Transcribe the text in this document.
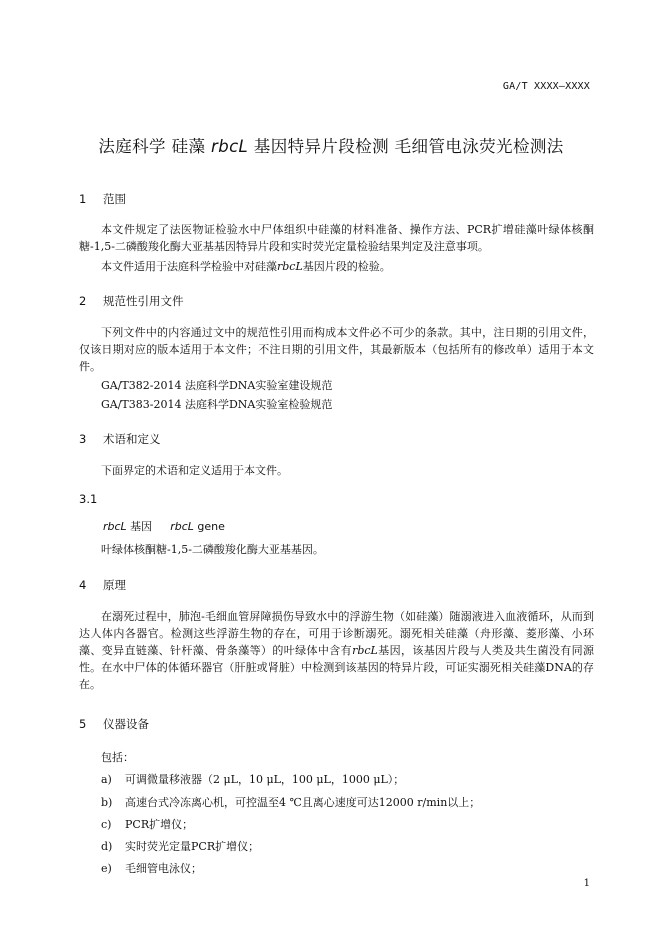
GA/T XXXX—XXXX
法庭科学 硅藻 rbcL 基因特异片段检测 毛细管电泳荧光检测法
1 范围
本文件规定了法医物证检验水中尸体组织中硅藻的材料准备、操作方法、PCR扩增硅藻叶绿体核酮糖-1,5-二磷酸羧化酶大亚基基因特异片段和实时荧光定量检验结果判定及注意事项。
本文件适用于法庭科学检验中对硅藻rbcL基因片段的检验。
2 规范性引用文件
下列文件中的内容通过文中的规范性引用而构成本文件必不可少的条款。其中，注日期的引用文件，仅该日期对应的版本适用于本文件；不注日期的引用文件，其最新版本（包括所有的修改单）适用于本文件。
GA/T382-2014 法庭科学DNA实验室建设规范
GA/T383-2014 法庭科学DNA实验室检验规范
3 术语和定义
下面界定的术语和定义适用于本文件。
3.1
rbcL 基因 rbcL gene
叶绿体核酮糖-1,5-二磷酸羧化酶大亚基基因。
4 原理
在溺死过程中，肺泡-毛细血管屏障损伤导致水中的浮游生物（如硅藻）随溺液进入血液循环，从而到达人体内各器官。检测这些浮游生物的存在，可用于诊断溺死。溺死相关硅藻（舟形藻、菱形藻、小环藻、变异直链藻、针杆藻、骨条藻等）的叶绿体中含有rbcL基因，该基因片段与人类及共生菌没有同源性。在水中尸体的体循环器官（肝脏或肾脏）中检测到该基因的特异片段，可证实溺死相关硅藻DNA的存在。
5 仪器设备
包括：
a) 可调微量移液器（2 μL，10 μL，100 μL，1000 μL）；
b) 高速台式冷冻离心机，可控温至4 ℃且离心速度可达12000 r/min以上；
c) PCR扩增仪；
d) 实时荧光定量PCR扩增仪；
e) 毛细管电泳仪；
1
